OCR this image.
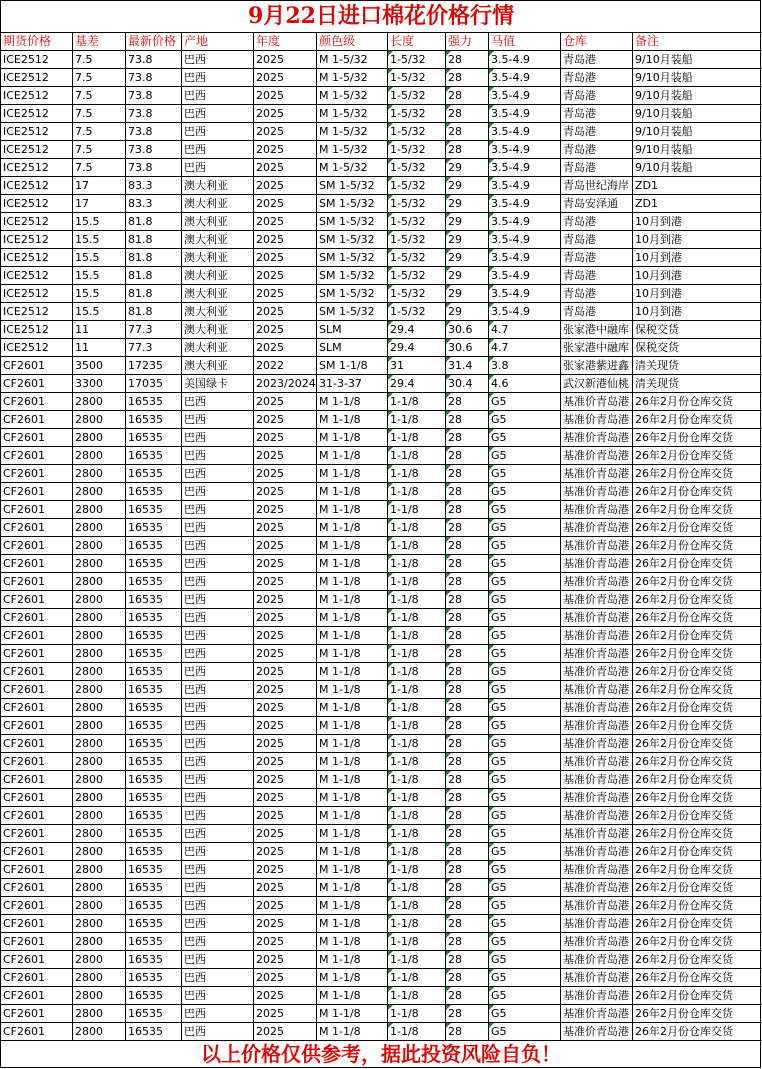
9月22日进口棉花价格行情
期货价格	基差	最新价格	产地	年度	颜色级	长度	强力	马值	仓库	备注
ICE2512	7.5	73.8	巴西	2025	M 1-5/32	1-5/32	28	3.5-4.9	青岛港	9/10月装船
ICE2512	7.5	73.8	巴西	2025	M 1-5/32	1-5/32	28	3.5-4.9	青岛港	9/10月装船
ICE2512	7.5	73.8	巴西	2025	M 1-5/32	1-5/32	28	3.5-4.9	青岛港	9/10月装船
ICE2512	7.5	73.8	巴西	2025	M 1-5/32	1-5/32	28	3.5-4.9	青岛港	9/10月装船
ICE2512	7.5	73.8	巴西	2025	M 1-5/32	1-5/32	28	3.5-4.9	青岛港	9/10月装船
ICE2512	7.5	73.8	巴西	2025	M 1-5/32	1-5/32	28	3.5-4.9	青岛港	9/10月装船
ICE2512	7.5	73.8	巴西	2025	M 1-5/32	1-5/32	29	3.5-4.9	青岛港	9/10月装船
ICE2512	17	83.3	澳大利亚	2025	SM 1-5/32	1-5/32	29	3.5-4.9	青岛世纪海岸	ZD1
ICE2512	17	83.3	澳大利亚	2025	SM 1-5/32	1-5/32	29	3.5-4.9	青岛安泽通	ZD1
ICE2512	15.5	81.8	澳大利亚	2025	SM 1-5/32	1-5/32	29	3.5-4.9	青岛港	10月到港
ICE2512	15.5	81.8	澳大利亚	2025	SM 1-5/32	1-5/32	29	3.5-4.9	青岛港	10月到港
ICE2512	15.5	81.8	澳大利亚	2025	SM 1-5/32	1-5/32	29	3.5-4.9	青岛港	10月到港
ICE2512	15.5	81.8	澳大利亚	2025	SM 1-5/32	1-5/32	29	3.5-4.9	青岛港	10月到港
ICE2512	15.5	81.8	澳大利亚	2025	SM 1-5/32	1-5/32	29	3.5-4.9	青岛港	10月到港
ICE2512	15.5	81.8	澳大利亚	2025	SM 1-5/32	1-5/32	29	3.5-4.9	青岛港	10月到港
ICE2512	11	77.3	澳大利亚	2025	SLM	29.4	30.6	4.7	张家港中融库	保税交货
ICE2512	11	77.3	澳大利亚	2025	SLM	29.4	30.6	4.7	张家港中融库	保税交货
CF2601	3500	17235	澳大利亚	2022	SM 1-1/8	31	31.4	3.8	张家港紫进鑫	清关现货
CF2601	3300	17035	美国绿卡	2023/2024	31-3-37	29.4	30.4	4.6	武汉新港仙桃	清关现货
CF2601	2800	16535	巴西	2025	M 1-1/8	1-1/8	28	G5	基准价青岛港	26年2月份仓库交货
CF2601	2800	16535	巴西	2025	M 1-1/8	1-1/8	28	G5	基准价青岛港	26年2月份仓库交货
CF2601	2800	16535	巴西	2025	M 1-1/8	1-1/8	28	G5	基准价青岛港	26年2月份仓库交货
CF2601	2800	16535	巴西	2025	M 1-1/8	1-1/8	28	G5	基准价青岛港	26年2月份仓库交货
CF2601	2800	16535	巴西	2025	M 1-1/8	1-1/8	28	G5	基准价青岛港	26年2月份仓库交货
CF2601	2800	16535	巴西	2025	M 1-1/8	1-1/8	28	G5	基准价青岛港	26年2月份仓库交货
CF2601	2800	16535	巴西	2025	M 1-1/8	1-1/8	28	G5	基准价青岛港	26年2月份仓库交货
CF2601	2800	16535	巴西	2025	M 1-1/8	1-1/8	28	G5	基准价青岛港	26年2月份仓库交货
CF2601	2800	16535	巴西	2025	M 1-1/8	1-1/8	28	G5	基准价青岛港	26年2月份仓库交货
CF2601	2800	16535	巴西	2025	M 1-1/8	1-1/8	28	G5	基准价青岛港	26年2月份仓库交货
CF2601	2800	16535	巴西	2025	M 1-1/8	1-1/8	28	G5	基准价青岛港	26年2月份仓库交货
CF2601	2800	16535	巴西	2025	M 1-1/8	1-1/8	28	G5	基准价青岛港	26年2月份仓库交货
CF2601	2800	16535	巴西	2025	M 1-1/8	1-1/8	28	G5	基准价青岛港	26年2月份仓库交货
CF2601	2800	16535	巴西	2025	M 1-1/8	1-1/8	28	G5	基准价青岛港	26年2月份仓库交货
CF2601	2800	16535	巴西	2025	M 1-1/8	1-1/8	28	G5	基准价青岛港	26年2月份仓库交货
CF2601	2800	16535	巴西	2025	M 1-1/8	1-1/8	28	G5	基准价青岛港	26年2月份仓库交货
CF2601	2800	16535	巴西	2025	M 1-1/8	1-1/8	28	G5	基准价青岛港	26年2月份仓库交货
CF2601	2800	16535	巴西	2025	M 1-1/8	1-1/8	28	G5	基准价青岛港	26年2月份仓库交货
CF2601	2800	16535	巴西	2025	M 1-1/8	1-1/8	28	G5	基准价青岛港	26年2月份仓库交货
CF2601	2800	16535	巴西	2025	M 1-1/8	1-1/8	28	G5	基准价青岛港	26年2月份仓库交货
CF2601	2800	16535	巴西	2025	M 1-1/8	1-1/8	28	G5	基准价青岛港	26年2月份仓库交货
CF2601	2800	16535	巴西	2025	M 1-1/8	1-1/8	28	G5	基准价青岛港	26年2月份仓库交货
CF2601	2800	16535	巴西	2025	M 1-1/8	1-1/8	28	G5	基准价青岛港	26年2月份仓库交货
CF2601	2800	16535	巴西	2025	M 1-1/8	1-1/8	28	G5	基准价青岛港	26年2月份仓库交货
CF2601	2800	16535	巴西	2025	M 1-1/8	1-1/8	28	G5	基准价青岛港	26年2月份仓库交货
CF2601	2800	16535	巴西	2025	M 1-1/8	1-1/8	28	G5	基准价青岛港	26年2月份仓库交货
CF2601	2800	16535	巴西	2025	M 1-1/8	1-1/8	28	G5	基准价青岛港	26年2月份仓库交货
CF2601	2800	16535	巴西	2025	M 1-1/8	1-1/8	28	G5	基准价青岛港	26年2月份仓库交货
CF2601	2800	16535	巴西	2025	M 1-1/8	1-1/8	28	G5	基准价青岛港	26年2月份仓库交货
CF2601	2800	16535	巴西	2025	M 1-1/8	1-1/8	28	G5	基准价青岛港	26年2月份仓库交货
CF2601	2800	16535	巴西	2025	M 1-1/8	1-1/8	28	G5	基准价青岛港	26年2月份仓库交货
CF2601	2800	16535	巴西	2025	M 1-1/8	1-1/8	28	G5	基准价青岛港	26年2月份仓库交货
CF2601	2800	16535	巴西	2025	M 1-1/8	1-1/8	28	G5	基准价青岛港	26年2月份仓库交货
CF2601	2800	16535	巴西	2025	M 1-1/8	1-1/8	28	G5	基准价青岛港	26年2月份仓库交货
CF2601	2800	16535	巴西	2025	M 1-1/8	1-1/8	28	G5	基准价青岛港	26年2月份仓库交货
CF2601	2800	16535	巴西	2025	M 1-1/8	1-1/8	28	G5	基准价青岛港	26年2月份仓库交货
以上价格仅供参考，据此投资风险自负！
